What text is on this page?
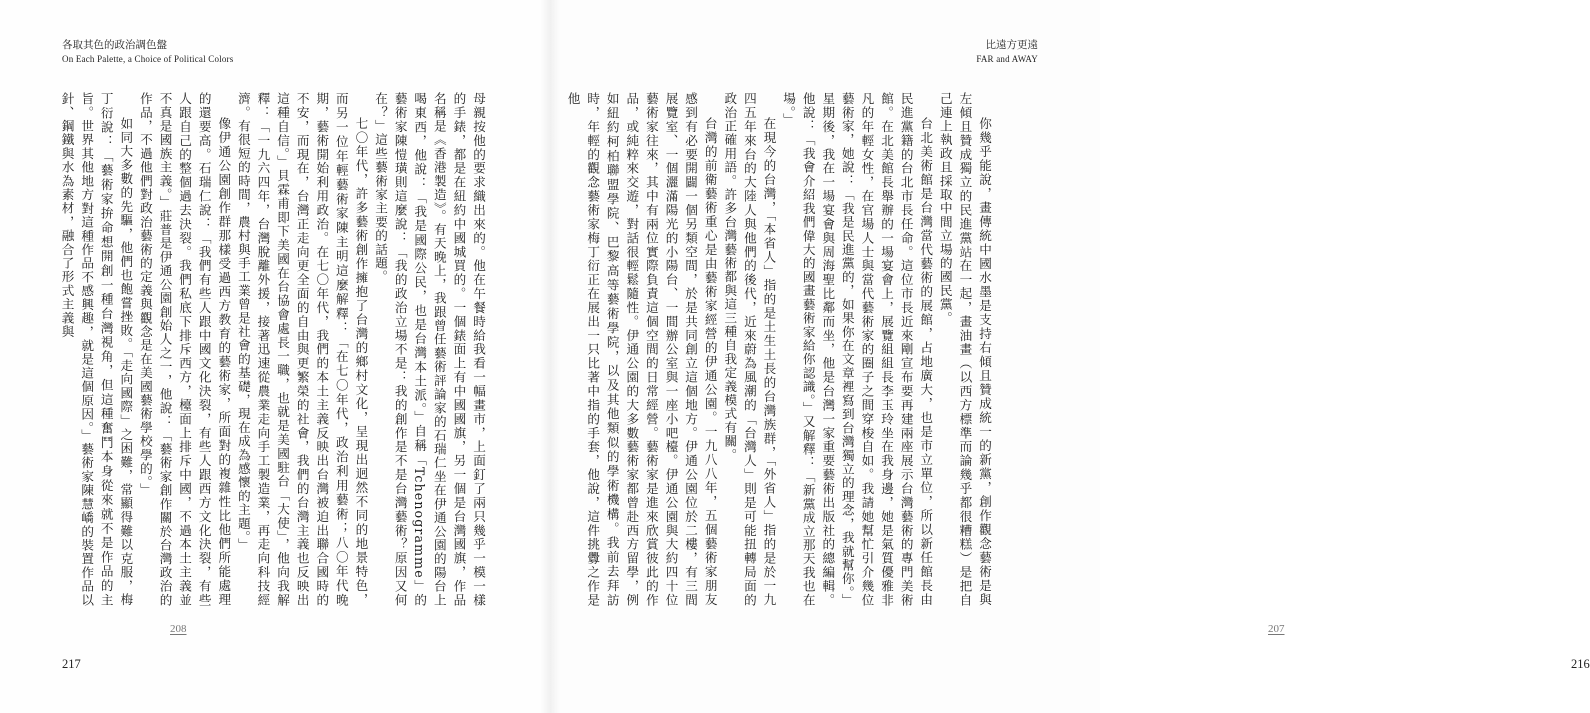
各取其色的政治調色盤
On Each Palette, a Choice of Political Colors

母親按他的要求織出來的。他在午餐時給我看一幅畫市，上面釘了兩只幾乎一模一樣的手錶，都是在紐約中國城買的。一個錶面上有中國國旗，另一個是台灣國旗，作品名稱是《香港製造》。有天晚上，我跟曾任藝術評論家的石瑞仁坐在伊通公園的陽台上喝東西，他說：「我是國際公民，也是台灣本土派。」自稱「Tchenogramme」的藝術家陳愷璜則這麼說：「我的政治立場不是：我的創作是不是台灣藝術？原因又何在？」這些藝術家主要的話題。

七〇年代，許多藝術創作擁抱了台灣的鄉村文化，呈現出迥然不同的地景特色，而另一位年輕藝術家陳主明這麼解釋：「在七〇年代，政治利用藝術；八〇年代晚期，藝術開始利用政治。在七〇年代，我們的本土主義反映出台灣被迫出聯合國時的不安，而現在，台灣正走向更全面的自由與更繁榮的社會，我們的台灣主義也反映出這種自信。」貝霖甫即下美國在台協會處長一職，也就是美國駐台「大使」，他向我解釋：「一九六四年，台灣脫離外援，接著迅速從農業走向手工製造業，再走向科技經濟。有很短的時間，農村與手工業曾是社會的基礎，現在成為感懷的主題。」

像伊通公園創作群那樣受過西方教育的藝術家，所面對的複雜性比他們所能處理的還要高。石瑞仁說：「我們有些人跟中國文化決裂，有些人跟西方文化決裂，有些人跟自己的整個過去決裂。我們私底下排斥西方，檯面上排斥中國，不過本土主義並不真是國族主義。」莊普是伊通公園創始人之一，他說：「藝術家創作關於台灣政治的作品，不過他們對政治藝術的定義與觀念是在美國藝術學校學的。」

如同大多數的先驅，他們也飽嘗挫敗。「走向國際」之困難，常顯得難以克服，梅丁衍說：「藝術家拚命想開創一種台灣視角，但這種奮鬥本身從來就不是作品的主旨。世界其他地方對這種作品不感興趣，就是這個原因。」藝術家陳慧嶠的裝置作品以針、鋼鐵與水為素材，融合了形式主義與

208
217
比遠方更遠
FAR and AWAY
207
216

你幾乎能說，畫傳統中國水墨是支持右傾且贊成統一的新黨，創作觀念藝術是與左傾且贊成獨立的民進黨站在一起，畫油畫（以西方標準而論幾乎都很糟糕）是把自己連上執政且採取中間立場的國民黨。

台北美術館是台灣當代藝術的展館，占地廣大，也是市立單位，所以新任館長由民進黨籍的台北市長任命。這位市長近來剛宣布要再建兩座展示台灣藝術的專門美術館。在北美館長舉辦的一場宴會上，展覽組組長李玉玲坐在我身邊，她是氣質優雅非凡的年輕女性，在官場人士與當代藝術家的圈子之間穿梭自如。我請她幫忙引介幾位藝術家，她說：「我是民進黨的，如果你在文章裡寫到台灣獨立的理念，我就幫你。」星期後，我在一場宴會與周海聖比鄰而坐，他是台灣一家重要藝術出版社的總編輯。他說：「我會介紹我們偉大的國畫藝術家給你認識。」又解釋：「新黨成立那天我也在場。」

在現今的台灣，「本省人」指的是土生土長的台灣族群，「外省人」指的是於一九四五年來台的大陸人與他們的後代，近來蔚為風潮的「台灣人」則是可能扭轉局面的政治正確用語。許多台灣藝術都與這三種自我定義模式有關。

台灣的前衛藝術重心是由藝術家經營的伊通公園。一九八八年，五個藝術家朋友感到有必要開闢一個另類空間，於是共同創立這個地方。伊通公園位於二樓，有三間展覽室、一個灑滿陽光的小陽台、一間辦公室與一座小吧檯。伊通公園與大約四十位藝術家往來，其中有兩位實際負責這個空間的日常經營。藝術家是進來欣賞彼此的作品，或純粹來交遊，對話很輕鬆隨性。伊通公園的大多數藝術家都曾赴西方留學，例如紐約柯柏聯盟學院、巴黎高等藝術學院，以及其他類似的學術機構。我前去拜訪時，年輕的觀念藝術家梅丁衍正在展出一只比著中指的手套，他說，這件挑釁之作是他
